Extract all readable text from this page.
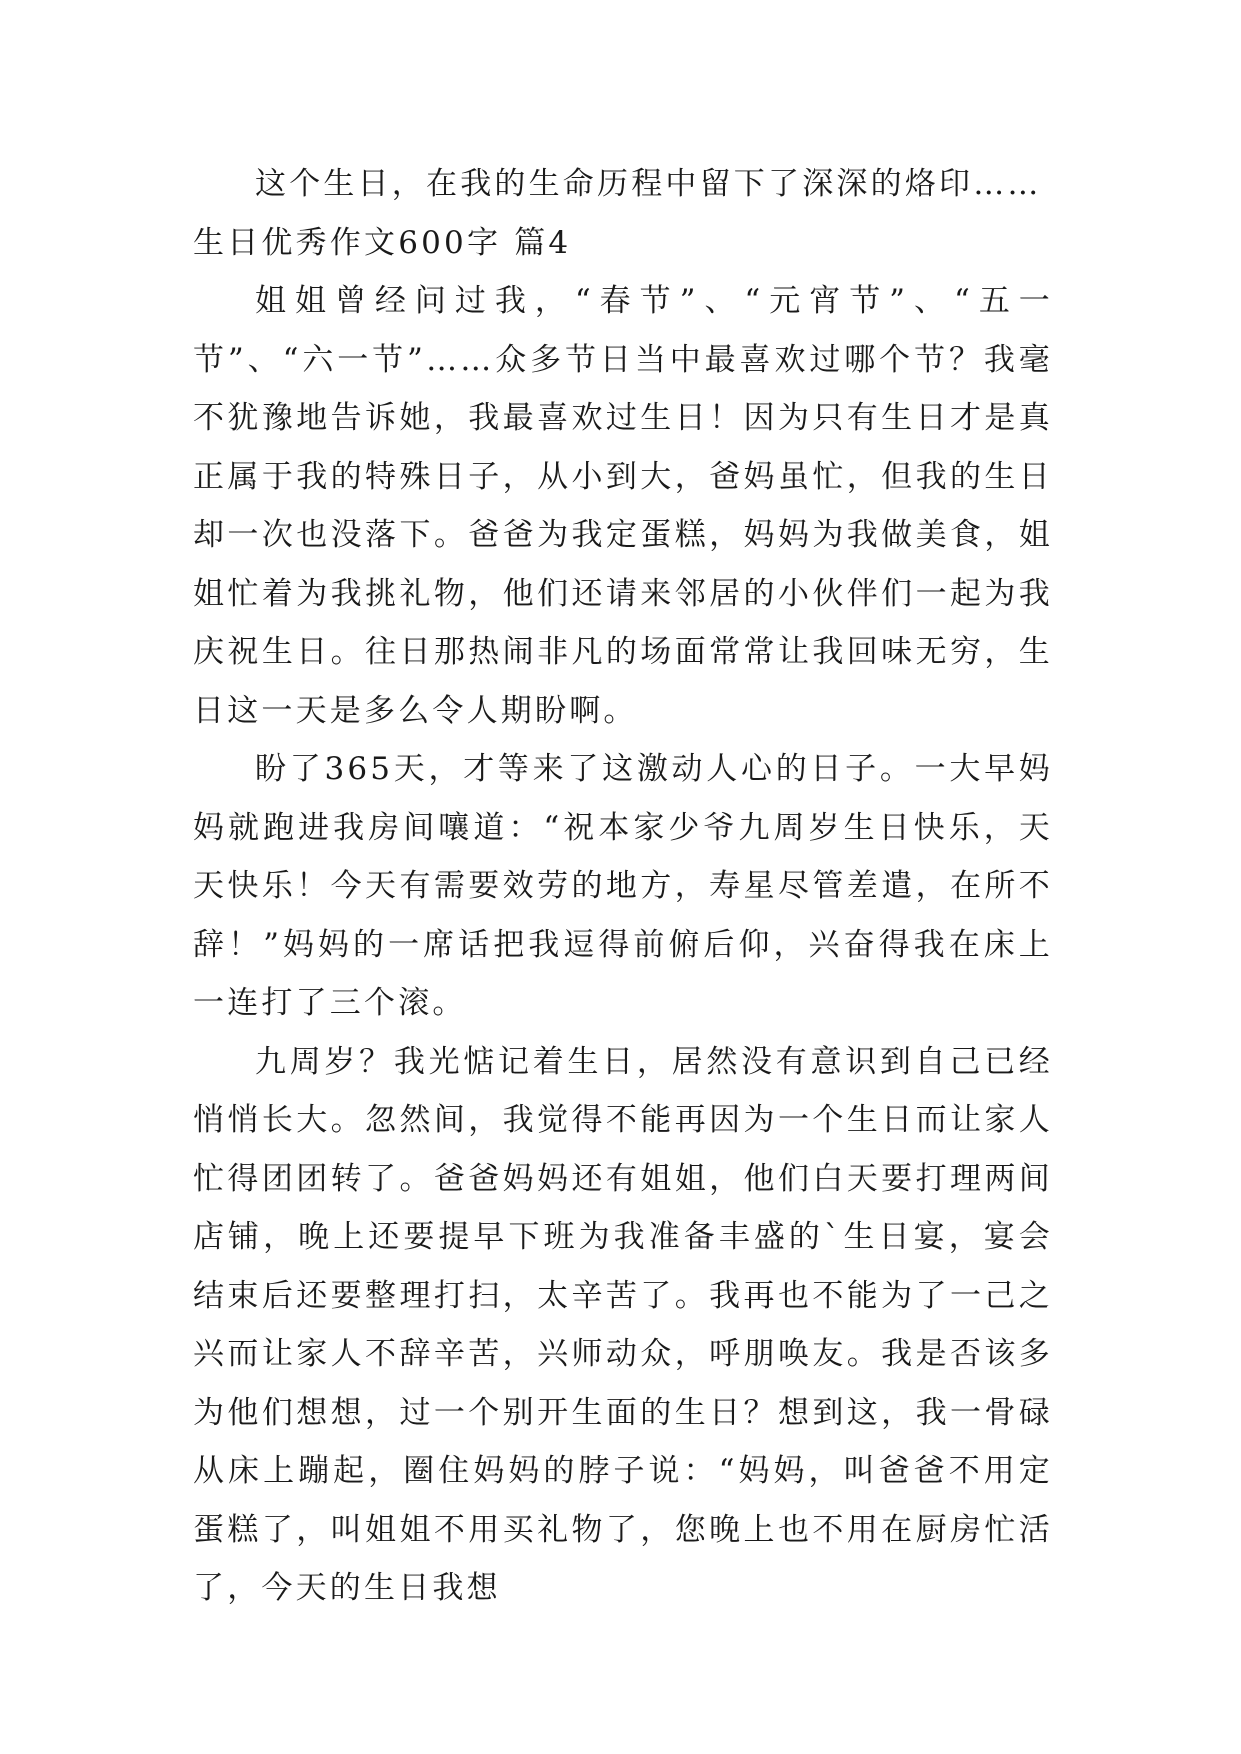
这个生日，在我的生命历程中留下了深深的烙印……

生日优秀作文600字 篇4

姐姐曾经问过我，“春节”、“元宵节”、“五一节”、“六一节”……众多节日当中最喜欢过哪个节？我毫不犹豫地告诉她，我最喜欢过生日！因为只有生日才是真正属于我的特殊日子，从小到大，爸妈虽忙，但我的生日却一次也没落下。爸爸为我定蛋糕，妈妈为我做美食，姐姐忙着为我挑礼物，他们还请来邻居的小伙伴们一起为我庆祝生日。往日那热闹非凡的场面常常让我回味无穷，生日这一天是多么令人期盼啊。

盼了365天，才等来了这激动人心的日子。一大早妈妈就跑进我房间嚷道：“祝本家少爷九周岁生日快乐，天天快乐！今天有需要效劳的地方，寿星尽管差遣，在所不辞！”妈妈的一席话把我逗得前俯后仰，兴奋得我在床上一连打了三个滚。

九周岁？我光惦记着生日，居然没有意识到自己已经悄悄长大。忽然间，我觉得不能再因为一个生日而让家人忙得团团转了。爸爸妈妈还有姐姐，他们白天要打理两间店铺，晚上还要提早下班为我准备丰盛的`生日宴，宴会结束后还要整理打扫，太辛苦了。我再也不能为了一己之兴而让家人不辞辛苦，兴师动众，呼朋唤友。我是否该多为他们想想，过一个别开生面的生日？想到这，我一骨碌从床上蹦起，圈住妈妈的脖子说：“妈妈，叫爸爸不用定蛋糕了，叫姐姐不用买礼物了，您晚上也不用在厨房忙活了，今天的生日我想
